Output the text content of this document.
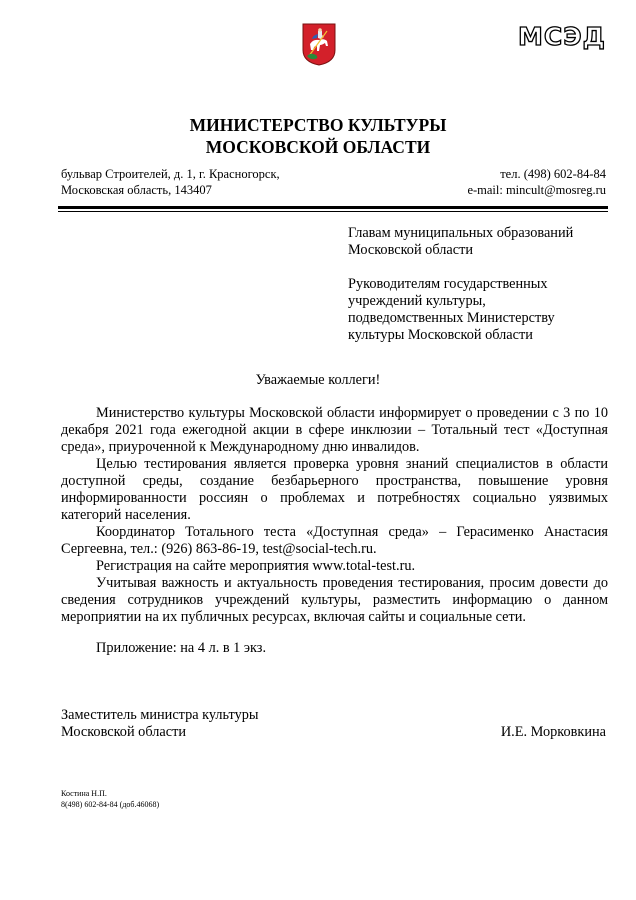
МСЭД
МИНИСТЕРСТВО КУЛЬТУРЫ
МОСКОВСКОЙ ОБЛАСТИ
бульвар Строителей, д. 1, г. Красногорск,
Московская область, 143407
тел. (498) 602-84-84
e-mail: mincult@mosreg.ru
Главам муниципальных образований
Московской области
Руководителям государственных
учреждений культуры,
подведомственных Министерству
культуры Московской области
Уважаемые коллеги!

Министерство культуры Московской области информирует о проведении с 3 по 10 декабря 2021 года ежегодной акции в сфере инклюзии – Тотальный тест «Доступная среда», приуроченной к Международному дню инвалидов.

Целью тестирования является проверка уровня знаний специалистов в области доступной среды, создание безбарьерного пространства, повышение уровня информированности россиян о проблемах и потребностях социально уязвимых категорий населения.

Координатор Тотального теста «Доступная среда» – Герасименко Анастасия Сергеевна, тел.: (926) 863-86-19, test@social-tech.ru.

Регистрация на сайте мероприятия www.total-test.ru.

Учитывая важность и актуальность проведения тестирования, просим довести до сведения сотрудников учреждений культуры, разместить информацию о данном мероприятии на их публичных ресурсах, включая сайты и социальные сети.

Приложение: на 4 л. в 1 экз.
Заместитель министра культуры
Московской области	И.Е. Морковкина
Костина Н.П.
8(498) 602-84-84 (доб.46068)
